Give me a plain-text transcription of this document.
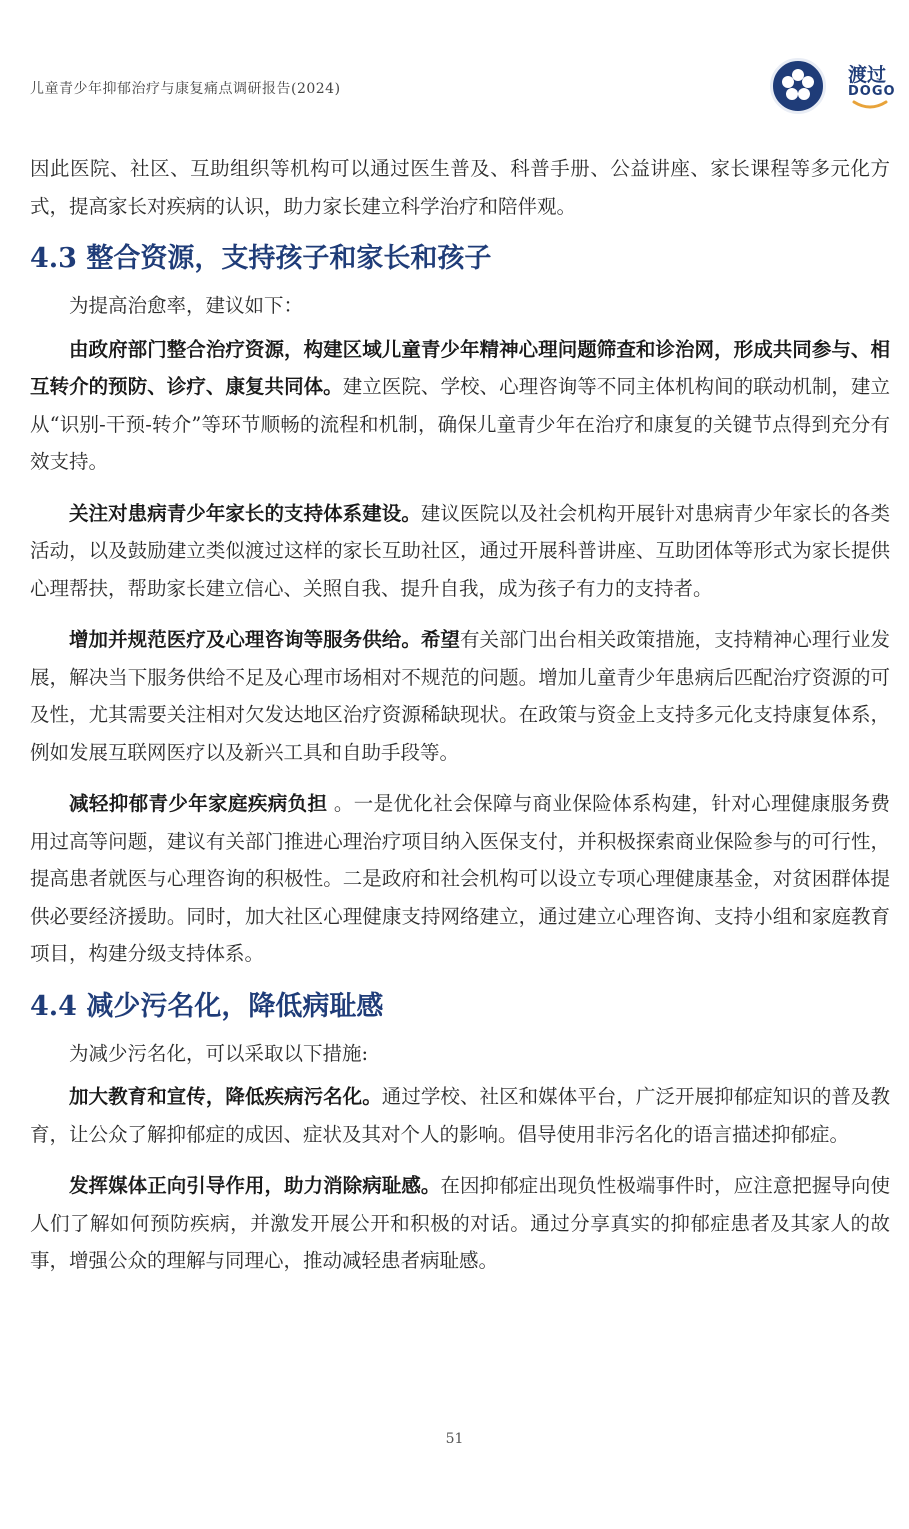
儿童青少年抑郁治疗与康复痛点调研报告(2024)
渡过
DOGO

因此医院、社区、互助组织等机构可以通过医生普及、科普手册、公益讲座、家长课程等多元化方式，提高家长对疾病的认识，助力家长建立科学治疗和陪伴观。

4.3 整合资源，支持孩子和家长和孩子

为提高治愈率，建议如下：

由政府部门整合治疗资源，构建区域儿童青少年精神心理问题筛查和诊治网，形成共同参与、相互转介的预防、诊疗、康复共同体。建立医院、学校、心理咨询等不同主体机构间的联动机制，建立从“识别-干预-转介”等环节顺畅的流程和机制，确保儿童青少年在治疗和康复的关键节点得到充分有效支持。

关注对患病青少年家长的支持体系建设。建议医院以及社会机构开展针对患病青少年家长的各类活动，以及鼓励建立类似渡过这样的家长互助社区，通过开展科普讲座、互助团体等形式为家长提供心理帮扶，帮助家长建立信心、关照自我、提升自我，成为孩子有力的支持者。

增加并规范医疗及心理咨询等服务供给。希望有关部门出台相关政策措施，支持精神心理行业发展，解决当下服务供给不足及心理市场相对不规范的问题。增加儿童青少年患病后匹配治疗资源的可及性，尤其需要关注相对欠发达地区治疗资源稀缺现状。在政策与资金上支持多元化支持康复体系，例如发展互联网医疗以及新兴工具和自助手段等。

减轻抑郁青少年家庭疾病负担 。一是优化社会保障与商业保险体系构建，针对心理健康服务费用过高等问题，建议有关部门推进心理治疗项目纳入医保支付，并积极探索商业保险参与的可行性，提高患者就医与心理咨询的积极性。二是政府和社会机构可以设立专项心理健康基金，对贫困群体提供必要经济援助。同时，加大社区心理健康支持网络建立，通过建立心理咨询、支持小组和家庭教育项目，构建分级支持体系。

4.4 减少污名化，降低病耻感

为减少污名化，可以采取以下措施:

加大教育和宣传，降低疾病污名化。通过学校、社区和媒体平台，广泛开展抑郁症知识的普及教育，让公众了解抑郁症的成因、症状及其对个人的影响。倡导使用非污名化的语言描述抑郁症。

发挥媒体正向引导作用，助力消除病耻感。在因抑郁症出现负性极端事件时，应注意把握导向使人们了解如何预防疾病，并激发开展公开和积极的对话。通过分享真实的抑郁症患者及其家人的故事，增强公众的理解与同理心，推动减轻患者病耻感。

51
